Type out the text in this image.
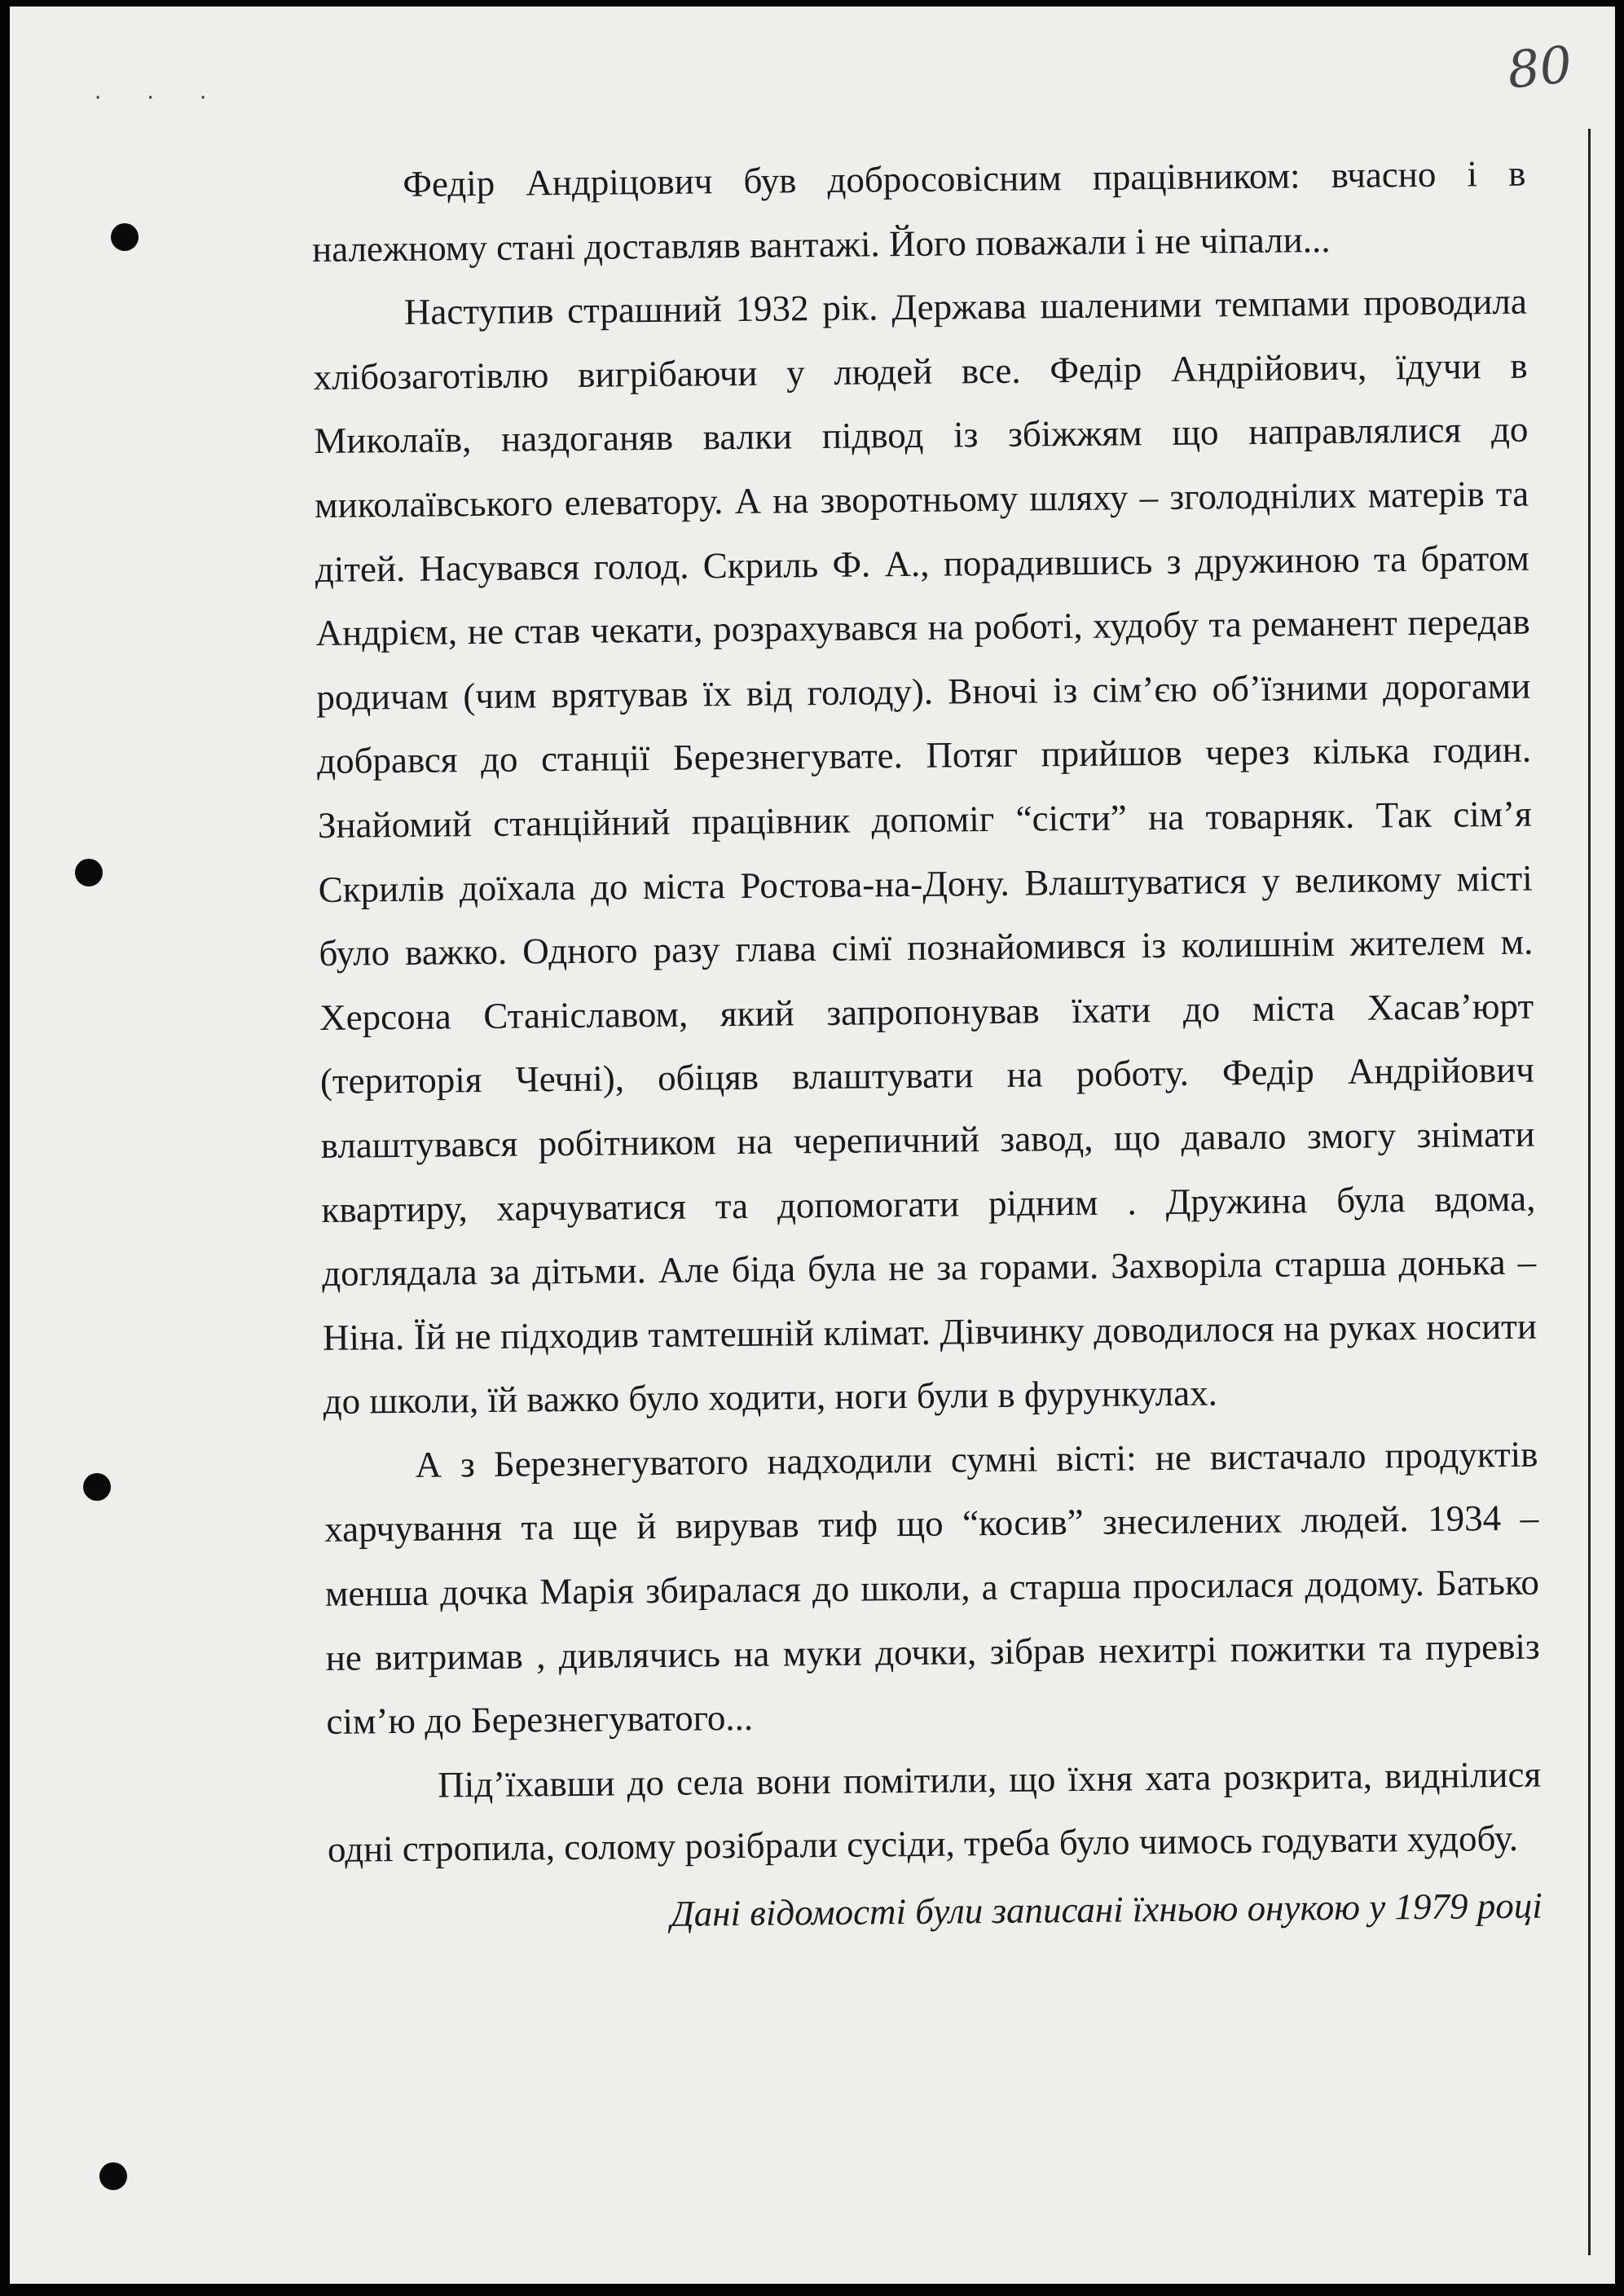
80
. . .

Федір Андріцович був добросовісним працівником: вчасно і в належному стані доставляв вантажі. Його поважали і не чіпали...

Наступив страшний 1932 рік. Держава шаленими темпами проводила хлібозаготівлю вигрібаючи у людей все. Федір Андрійович, їдучи в Миколаїв, наздоганяв валки підвод із збіжжям що направлялися до миколаївського елеватору. А на зворотньому шляху – зголоднілих матерів та дітей. Насувався голод. Скриль Ф. А., порадившись з дружиною та братом Андрієм, не став чекати, розрахувався на роботі, худобу та реманент передав родичам (чим врятував їх від голоду). Вночі із сім’єю об’їзними дорогами добрався до станції Березнегувате. Потяг прийшов через кілька годин. Знайомий станційний працівник допоміг “сісти” на товарняк. Так сім’я Скрилів доїхала до міста Ростова-на-Дону. Влаштуватися у великому місті було важко. Одного разу глава сімї познайомився із колишнім жителем м. Херсона Станіславом, який запропонував їхати до міста Хасав’юрт (територія Чечні), обіцяв влаштувати на роботу. Федір Андрійович влаштувався робітником на черепичний завод, що давало змогу знімати квартиру, харчуватися та допомогати рідним . Дружина була вдома, доглядала за дітьми. Але біда була не за горами. Захворіла старша донька – Ніна. Їй не підходив тамтешній клімат. Дівчинку доводилося на руках носити до школи, їй важко було ходити, ноги були в фурункулах.

А з Березнегуватого надходили сумні вісті: не вистачало продуктів харчування та ще й вирував тиф що “косив” знесилених людей. 1934 – менша дочка Марія збиралася до школи, а старша просилася додому. Батько не витримав , дивлячись на муки дочки, зібрав нехитрі пожитки та пуревіз сім’ю до Березнегуватого...

Під’їхавши до села вони помітили, що їхня хата розкрита, виднілися одні стропила, солому розібрали сусіди, треба було чимось годувати худобу.

Дані відомості були записані їхньою онукою у 1979 році
